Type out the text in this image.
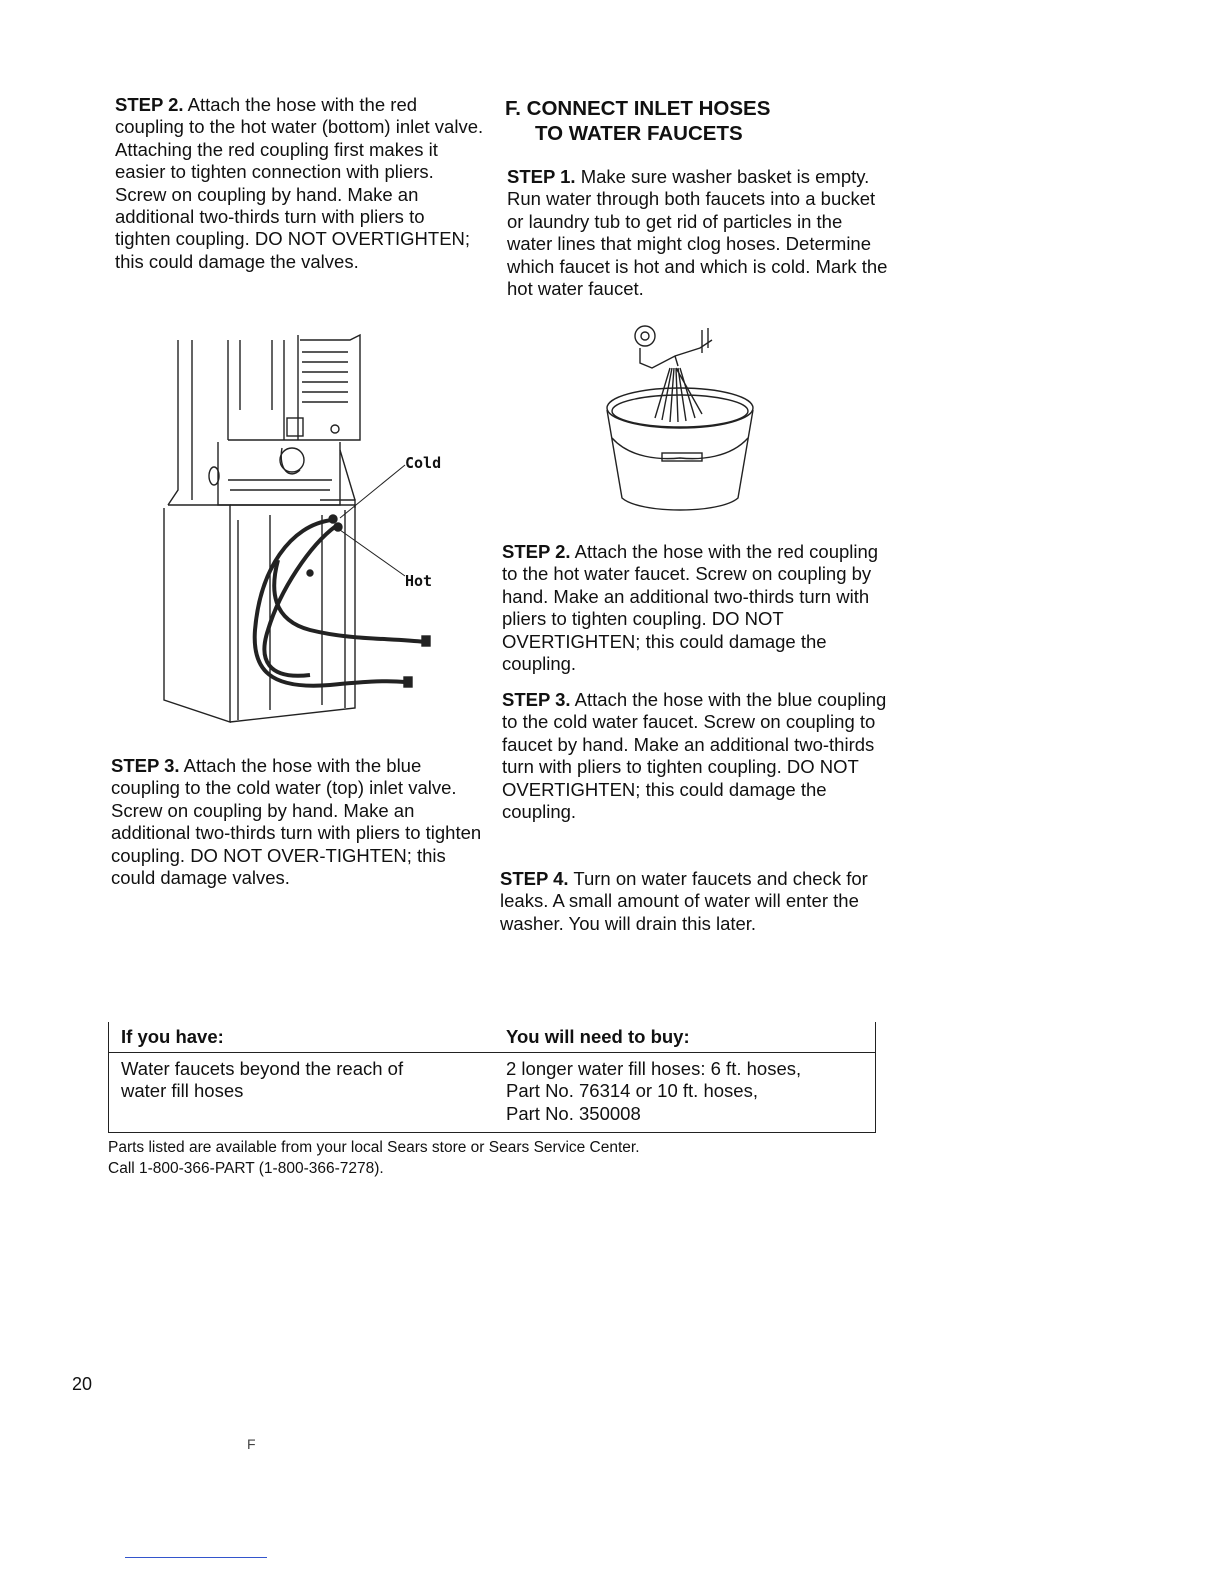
STEP 2. Attach the hose with the red coupling to the hot water (bottom) inlet valve. Attaching the red coupling first makes it easier to tighten connection with pliers. Screw on coupling by hand. Make an additional two-thirds turn with pliers to tighten coupling. DO NOT OVERTIGHTEN; this could damage the valves.

Cold
Hot

STEP 3. Attach the hose with the blue coupling to the cold water (top) inlet valve. Screw on coupling by hand. Make an additional two-thirds turn with pliers to tighten coupling. DO NOT OVER-TIGHTEN; this could damage valves.

F. CONNECT INLET HOSES
TO WATER FAUCETS

STEP 1. Make sure washer basket is empty. Run water through both faucets into a bucket or laundry tub to get rid of particles in the water lines that might clog hoses. Determine which faucet is hot and which is cold. Mark the hot water faucet.

STEP 2. Attach the hose with the red coupling to the hot water faucet. Screw on coupling by hand. Make an additional two-thirds turn with pliers to tighten coupling. DO NOT OVERTIGHTEN; this could damage the coupling.

STEP 3. Attach the hose with the blue coupling to the cold water faucet. Screw on coupling to faucet by hand. Make an additional two-thirds turn with pliers to tighten coupling. DO NOT OVERTIGHTEN; this could damage the coupling.

STEP 4. Turn on water faucets and check for leaks. A small amount of water will enter the washer. You will drain this later.

If you have:	You will need to buy:
Water faucets beyond the reach of water fill hoses
2 longer water fill hoses: 6 ft. hoses,
Part No. 76314 or 10 ft. hoses,
Part No. 350008
Parts listed are available from your local Sears store or Sears Service Center.
Call 1-800-366-PART (1-800-366-7278).
20
F
